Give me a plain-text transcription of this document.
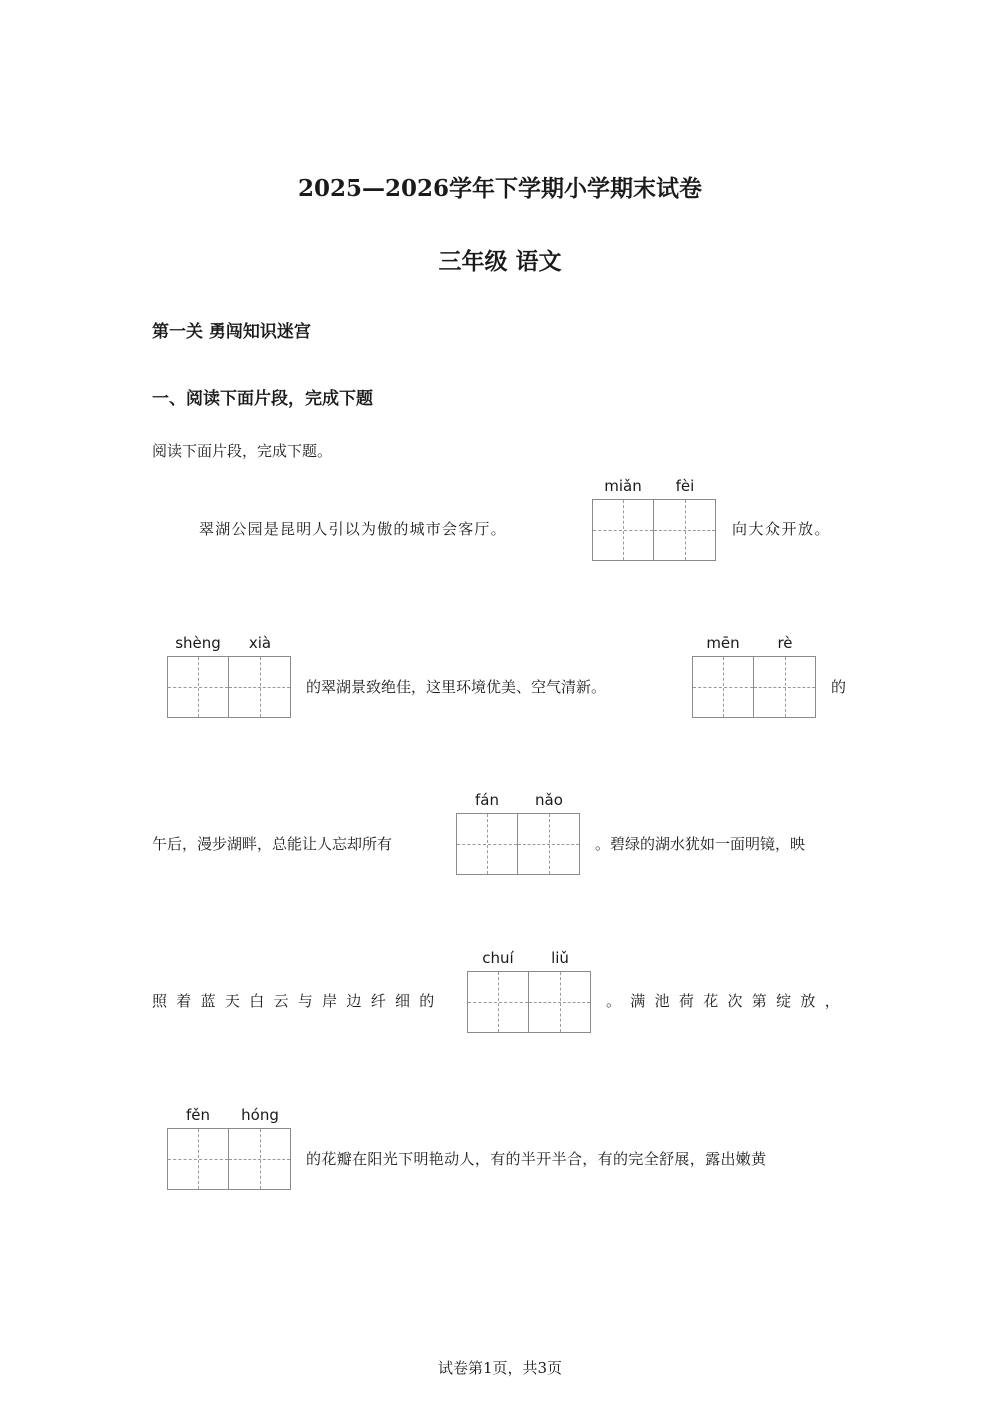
2025—2026学年下学期小学期末试卷
三年级 语文
第一关 勇闯知识迷宫
一、阅读下面片段，完成下题
阅读下面片段，完成下题。
翠湖公园是昆明人引以为傲的城市会客厅。
miǎn	fèi
向大众开放。
shèng	xià
的翠湖景致绝佳，这里环境优美、空气清新。
mēn	rè
的
午后，漫步湖畔，总能让人忘却所有
fán	nǎo
。碧绿的湖水犹如一面明镜，映
照着蓝天白云与岸边纤细的
chuí	liǔ
。满池荷花次第绽放，
fěn	hóng
的花瓣在阳光下明艳动人，有的半开半合，有的完全舒展，露出嫩黄
试卷第1页，共3页
